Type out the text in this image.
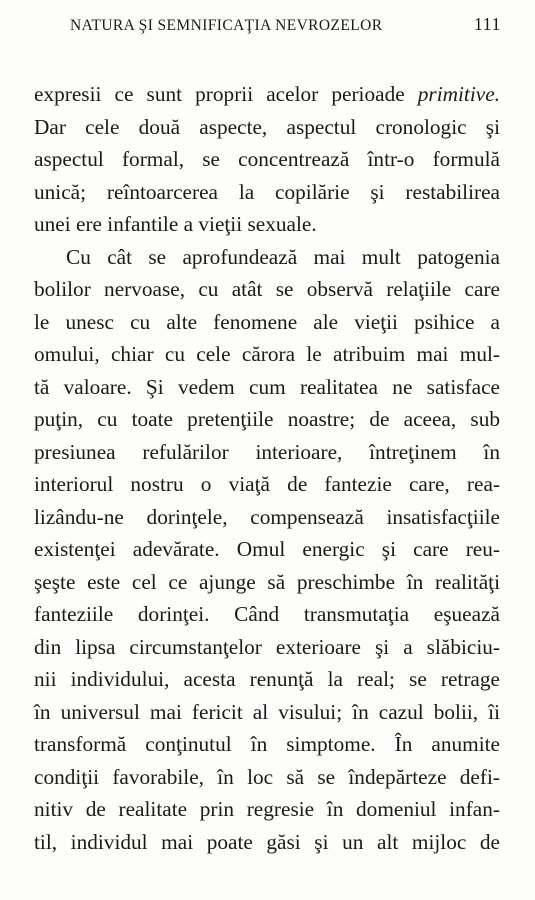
NATURA ŞI SEMNIFICAŢIA NEVROZELOR	111
expresii ce sunt proprii acelor perioade primitive.
Dar cele două aspecte, aspectul cronologic şi
aspectul formal, se concentrează într-o formulă
unică; reîntoarcerea la copilărie şi restabilirea
unei ere infantile a vieţii sexuale.
Cu cât se aprofundează mai mult patogenia
bolilor nervoase, cu atât se observă relaţiile care
le unesc cu alte fenomene ale vieţii psihice a
omului, chiar cu cele cărora le atribuim mai mul-
tă valoare. Şi vedem cum realitatea ne satisface
puţin, cu toate pretenţiile noastre; de aceea, sub
presiunea refulărilor interioare, întreţinem în
interiorul nostru o viaţă de fantezie care, rea-
lizându-ne dorinţele, compensează insatisfacţiile
existenţei adevărate. Omul energic şi care reu-
şeşte este cel ce ajunge să preschimbe în realităţi
fanteziile dorinţei. Când transmutaţia eşuează
din lipsa circumstanţelor exterioare şi a slăbiciu-
nii individului, acesta renunţă la real; se retrage
în universul mai fericit al visului; în cazul bolii, îi
transformă conţinutul în simptome. În anumite
condiţii favorabile, în loc să se îndepărteze defi-
nitiv de realitate prin regresie în domeniul infan-
til, individul mai poate găsi şi un alt mijloc de
